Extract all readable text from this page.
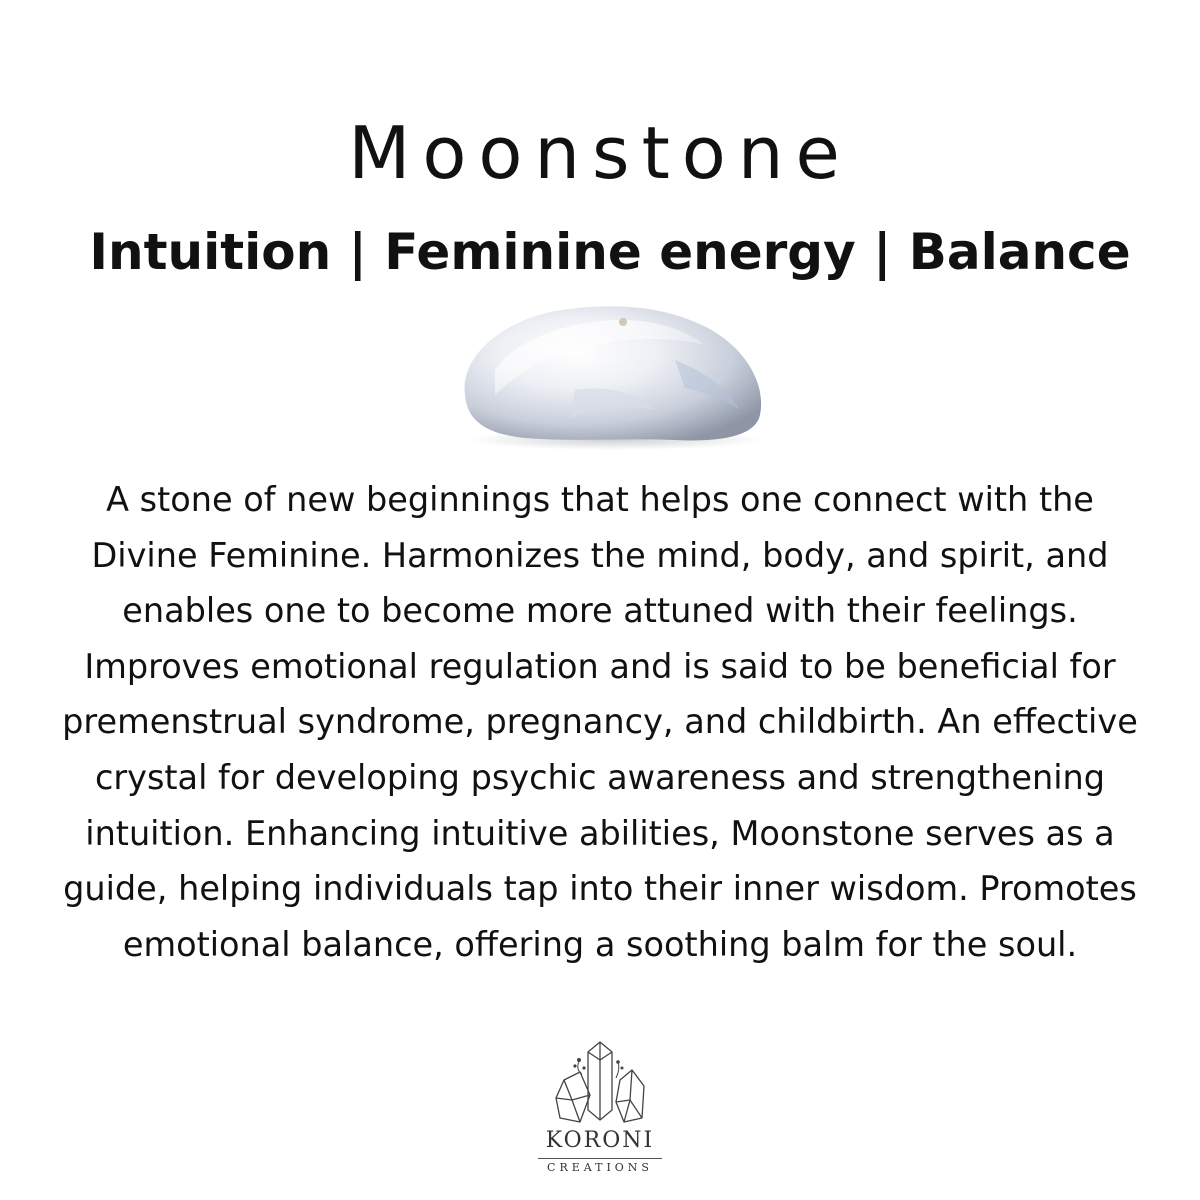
Moonstone
Intuition | Feminine energy | Balance

A stone of new beginnings that helps one connect with the Divine Feminine. Harmonizes the mind, body, and spirit, and enables one to become more attuned with their feelings. Improves emotional regulation and is said to be beneficial for premenstrual syndrome, pregnancy, and childbirth. An effective crystal for developing psychic awareness and strengthening intuition. Enhancing intuitive abilities, Moonstone serves as a guide, helping individuals tap into their inner wisdom. Promotes emotional balance, offering a soothing balm for the soul.

KORONI
CREATIONS
